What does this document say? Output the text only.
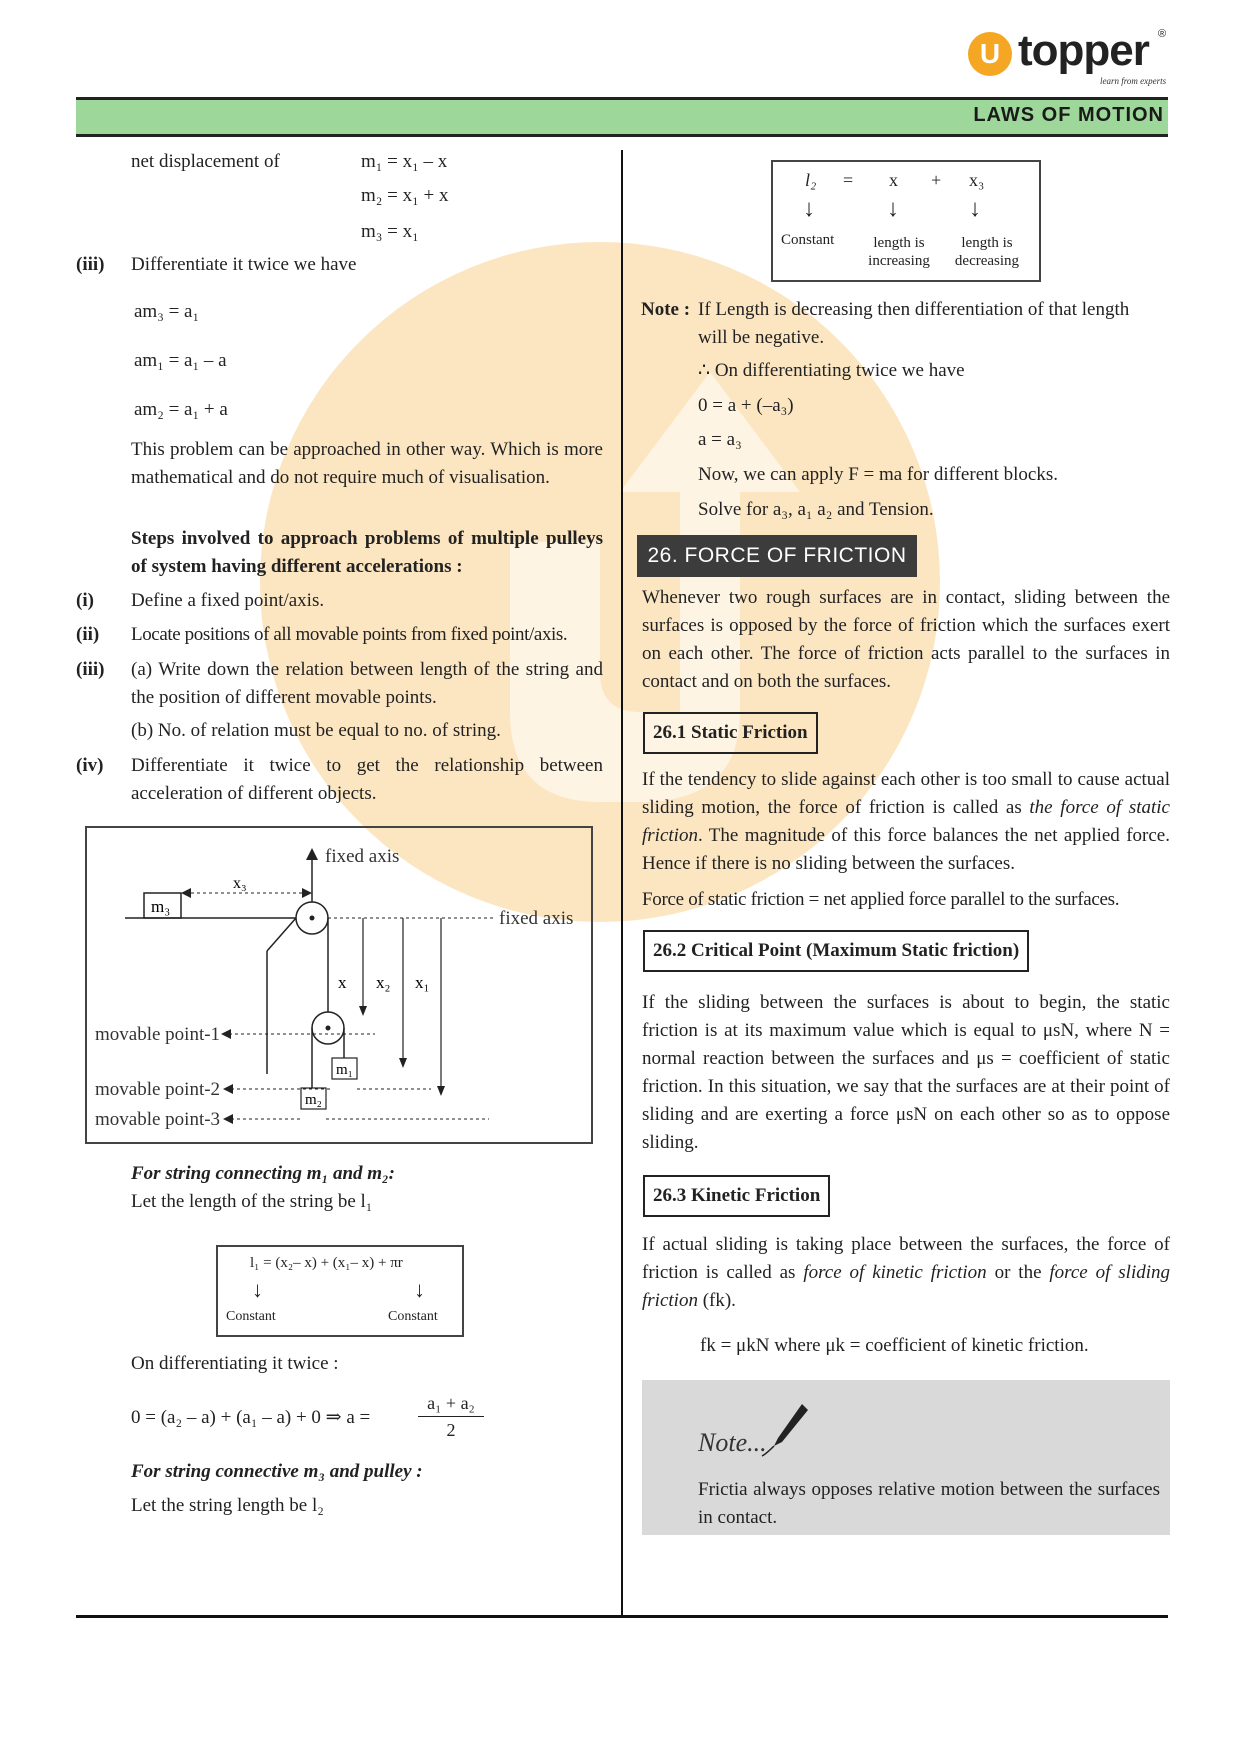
U topper ®
learn from experts
LAWS OF MOTION
net displacement of	m₁ = x₁ – x
m₂ = x₁ + x
m₃ = x₁
(iii) Differentiate it twice we have
am₃ = a₁
am₁ = a₁ – a
am₂ = a₁ + a
This problem can be approached in other way. Which is more mathematical and do not require much of visualisation.
Steps involved to approach problems of multiple pulleys of system having different accelerations :
(i) Define a fixed point/axis.
(ii) Locate positions of all movable points from fixed point/axis.
(iii) (a) Write down the relation between length of the string and the position of different movable points.
(b) No. of relation must be equal to no. of string.
(iv) Differentiate it twice to get the relationship between acceleration of different objects.
fixed axis
x₃
m₃
fixed axis
m₁
m₂
x x₂ x₁
movable point-1
movable point-2
movable point-3
For string connecting m₁ and m₂:
Let the length of the string be l₁
l₁ = (x₂– x) + (x₁– x) + πr
↓	↓
Constant	Constant
On differentiating it twice :
0 = (a₂ – a) + (a₁ – a) + 0 ⇒ a =	$\frac{\text{a₁ + a₂}}{2}$
For string connective m₃ and pulley :
Let the string length be l₂
l₂ = x + x₃
↓	↓	↓
Constant	length is
increasing
length is
decreasing
Note : If Length is decreasing then differentiation of that length
will be negative.
∴ On differentiating twice we have
0 = a + (–a₃)
a = a₃
Now, we can apply F = ma for different blocks.
Solve for a₃, a₁ a₂ and Tension.
26. FORCE OF FRICTION
Whenever two rough surfaces are in contact, sliding between the surfaces is opposed by the force of friction which the surfaces exert on each other. The force of friction acts parallel to the surfaces in contact and on both the surfaces.
26.1 Static Friction
If the tendency to slide against each other is too small to cause actual sliding motion, the force of friction is called as the force of static friction. The magnitude of this force balances the net applied force. Hence if there is no sliding between the surfaces.
Force of static friction = net applied force parallel to the surfaces.
26.2 Critical Point (Maximum Static friction)
If the sliding between the surfaces is about to begin, the static friction is at its maximum value which is equal to μsN, where N = normal reaction between the surfaces and μs = coefficient of static friction. In this situation, we say that the surfaces are at their point of sliding and are exerting a force μsN on each other so as to oppose sliding.
26.3 Kinetic Friction
If actual sliding is taking place between the surfaces, the force of friction is called as force of kinetic friction or the force of sliding friction (fk).
fk = μkN where μk = coefficient of kinetic friction.
Note...
Frictia always opposes relative motion between the surfaces in contact.
